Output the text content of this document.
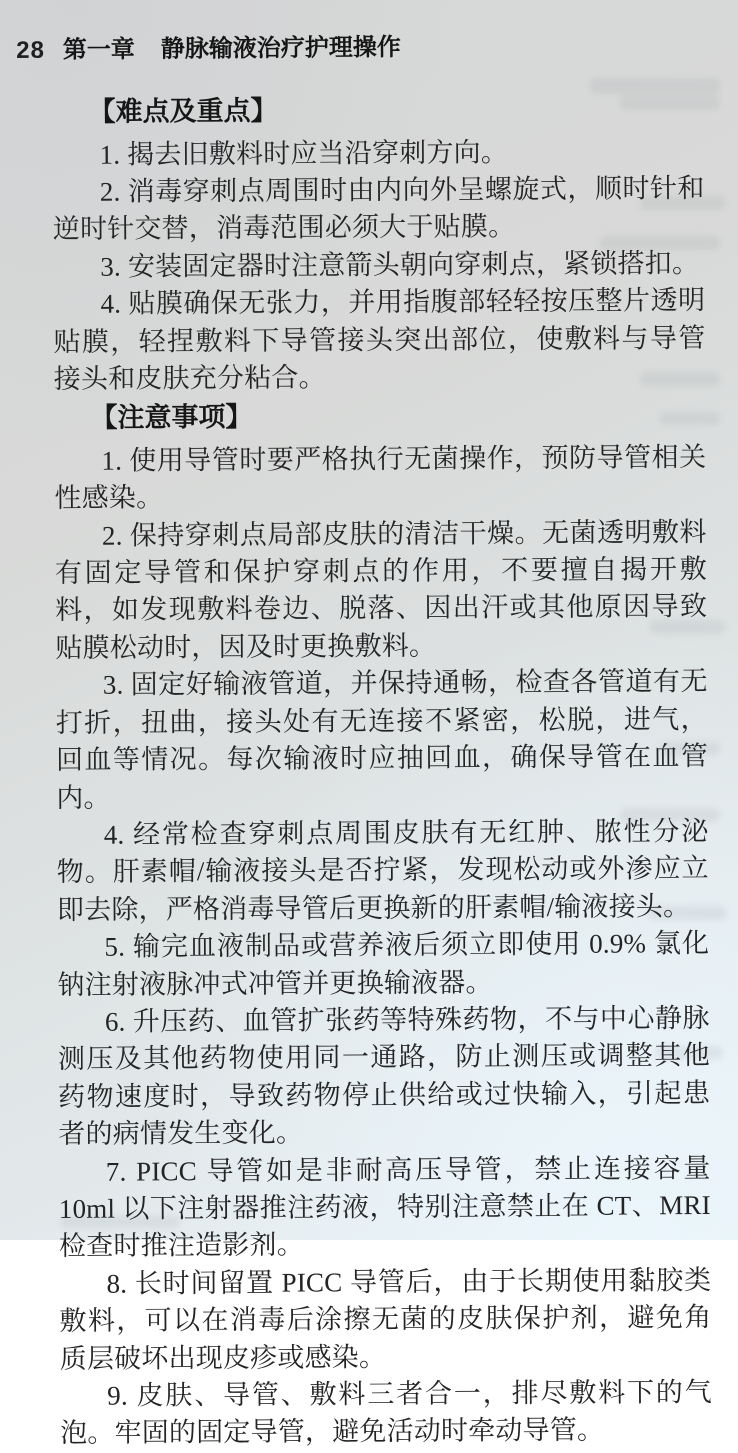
28 第一章 静脉输液治疗护理操作
【难点及重点】

1. 揭去旧敷料时应当沿穿刺方向。

2. 消毒穿刺点周围时由内向外呈螺旋式，顺时针和逆时针交替，消毒范围必须大于贴膜。

3. 安装固定器时注意箭头朝向穿刺点，紧锁搭扣。

4. 贴膜确保无张力，并用指腹部轻轻按压整片透明贴膜，轻捏敷料下导管接头突出部位，使敷料与导管接头和皮肤充分粘合。

【注意事项】

1. 使用导管时要严格执行无菌操作，预防导管相关性感染。

2. 保持穿刺点局部皮肤的清洁干燥。无菌透明敷料有固定导管和保护穿刺点的作用，不要擅自揭开敷料，如发现敷料卷边、脱落、因出汗或其他原因导致贴膜松动时，因及时更换敷料。

3. 固定好输液管道，并保持通畅，检查各管道有无打折，扭曲，接头处有无连接不紧密，松脱，进气，回血等情况。每次输液时应抽回血，确保导管在血管内。

4. 经常检查穿刺点周围皮肤有无红肿、脓性分泌物。肝素帽/输液接头是否拧紧，发现松动或外渗应立即去除，严格消毒导管后更换新的肝素帽/输液接头。

5. 输完血液制品或营养液后须立即使用 0.9% 氯化钠注射液脉冲式冲管并更换输液器。

6. 升压药、血管扩张药等特殊药物，不与中心静脉测压及其他药物使用同一通路，防止测压或调整其他药物速度时，导致药物停止供给或过快输入，引起患者的病情发生变化。

7. PICC 导管如是非耐高压导管，禁止连接容量 10ml 以下注射器推注药液，特别注意禁止在 CT、MRI 检查时推注造影剂。

8. 长时间留置 PICC 导管后，由于长期使用黏胶类敷料，可以在消毒后涂擦无菌的皮肤保护剂，避免角质层破坏出现皮疹或感染。

9. 皮肤、导管、敷料三者合一，排尽敷料下的气泡。牢固的固定导管，避免活动时牵动导管。
